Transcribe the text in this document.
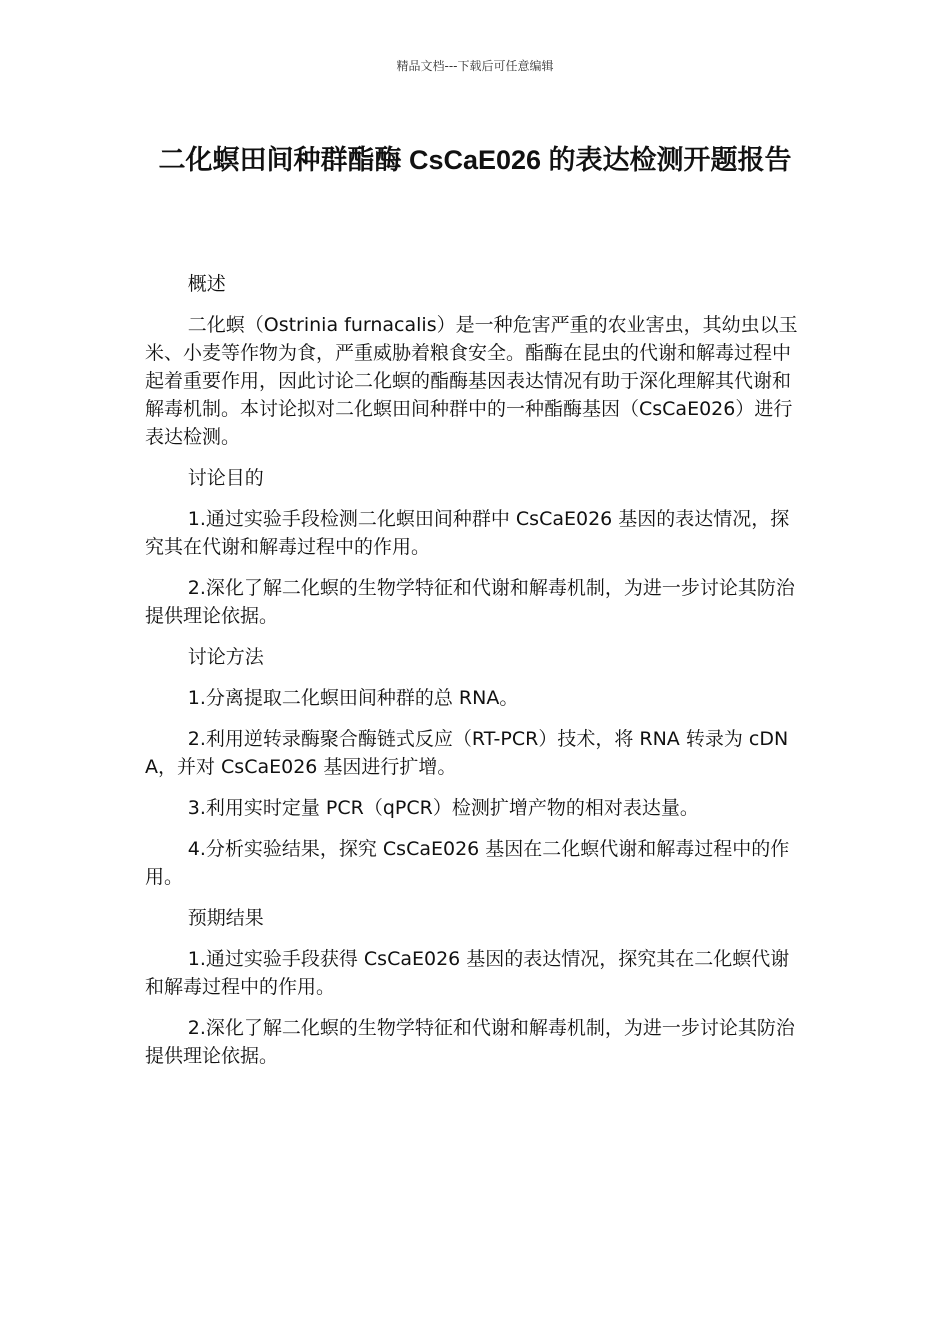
精品文档---下载后可任意编辑
二化螟田间种群酯酶 CsCaE026 的表达检测开题报告

概述

二化螟（Ostrinia furnacalis）是一种危害严重的农业害虫，其幼虫以玉米、小麦等作物为食，严重威胁着粮食安全。酯酶在昆虫的代谢和解毒过程中起着重要作用，因此讨论二化螟的酯酶基因表达情况有助于深化理解其代谢和解毒机制。本讨论拟对二化螟田间种群中的一种酯酶基因（CsCaE026）进行表达检测。

讨论目的

1.通过实验手段检测二化螟田间种群中 CsCaE026 基因的表达情况，探究其在代谢和解毒过程中的作用。

2.深化了解二化螟的生物学特征和代谢和解毒机制，为进一步讨论其防治提供理论依据。

讨论方法

1.分离提取二化螟田间种群的总 RNA。

2.利用逆转录酶聚合酶链式反应（RT-PCR）技术，将 RNA 转录为 cDNA，并对 CsCaE026 基因进行扩增。

3.利用实时定量 PCR（qPCR）检测扩增产物的相对表达量。

4.分析实验结果，探究 CsCaE026 基因在二化螟代谢和解毒过程中的作用。

预期结果

1.通过实验手段获得 CsCaE026 基因的表达情况，探究其在二化螟代谢和解毒过程中的作用。

2.深化了解二化螟的生物学特征和代谢和解毒机制，为进一步讨论其防治提供理论依据。
